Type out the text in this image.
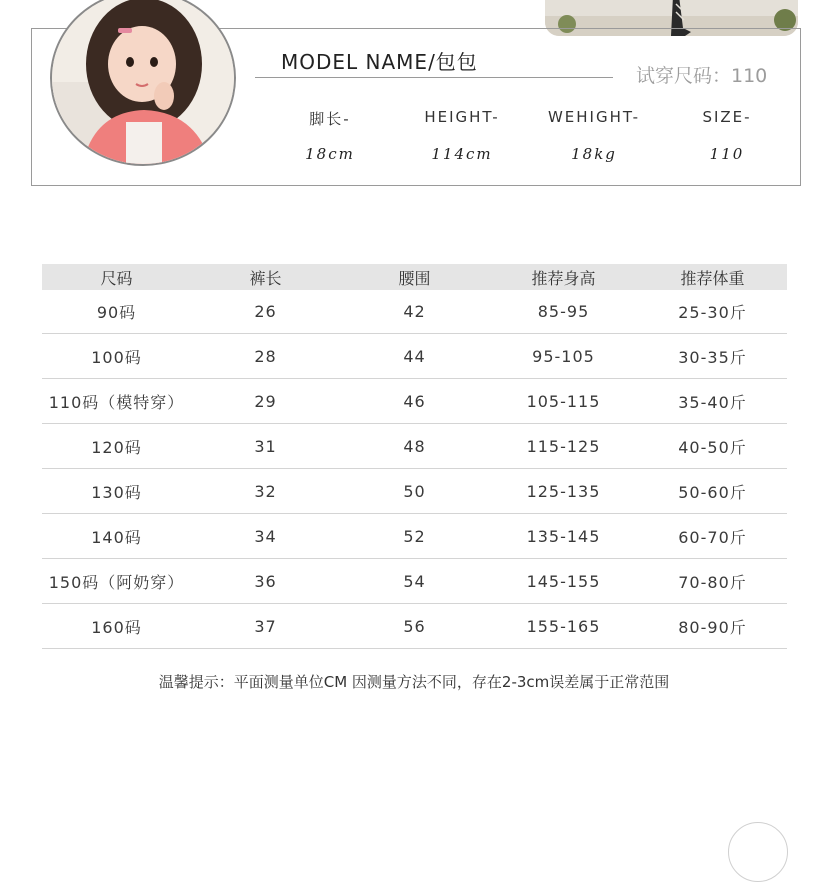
MODEL NAME/包包
试穿尺码：110
脚长-	HEIGHT-	WEHIGHT-	SIZE-
18cm	114cm	18kg	110
尺码	裤长	腰围	推荐身高	推荐体重
90码	26	42	85-95	25-30斤
100码	28	44	95-105	30-35斤
110码（模特穿）	29	46	105-115	35-40斤
120码	31	48	115-125	40-50斤
130码	32	50	125-135	50-60斤
140码	34	52	135-145	60-70斤
150码（阿奶穿）	36	54	145-155	70-80斤
160码	37	56	155-165	80-90斤
温馨提示：平面测量单位CM 因测量方法不同，存在2-3cm误差属于正常范围
